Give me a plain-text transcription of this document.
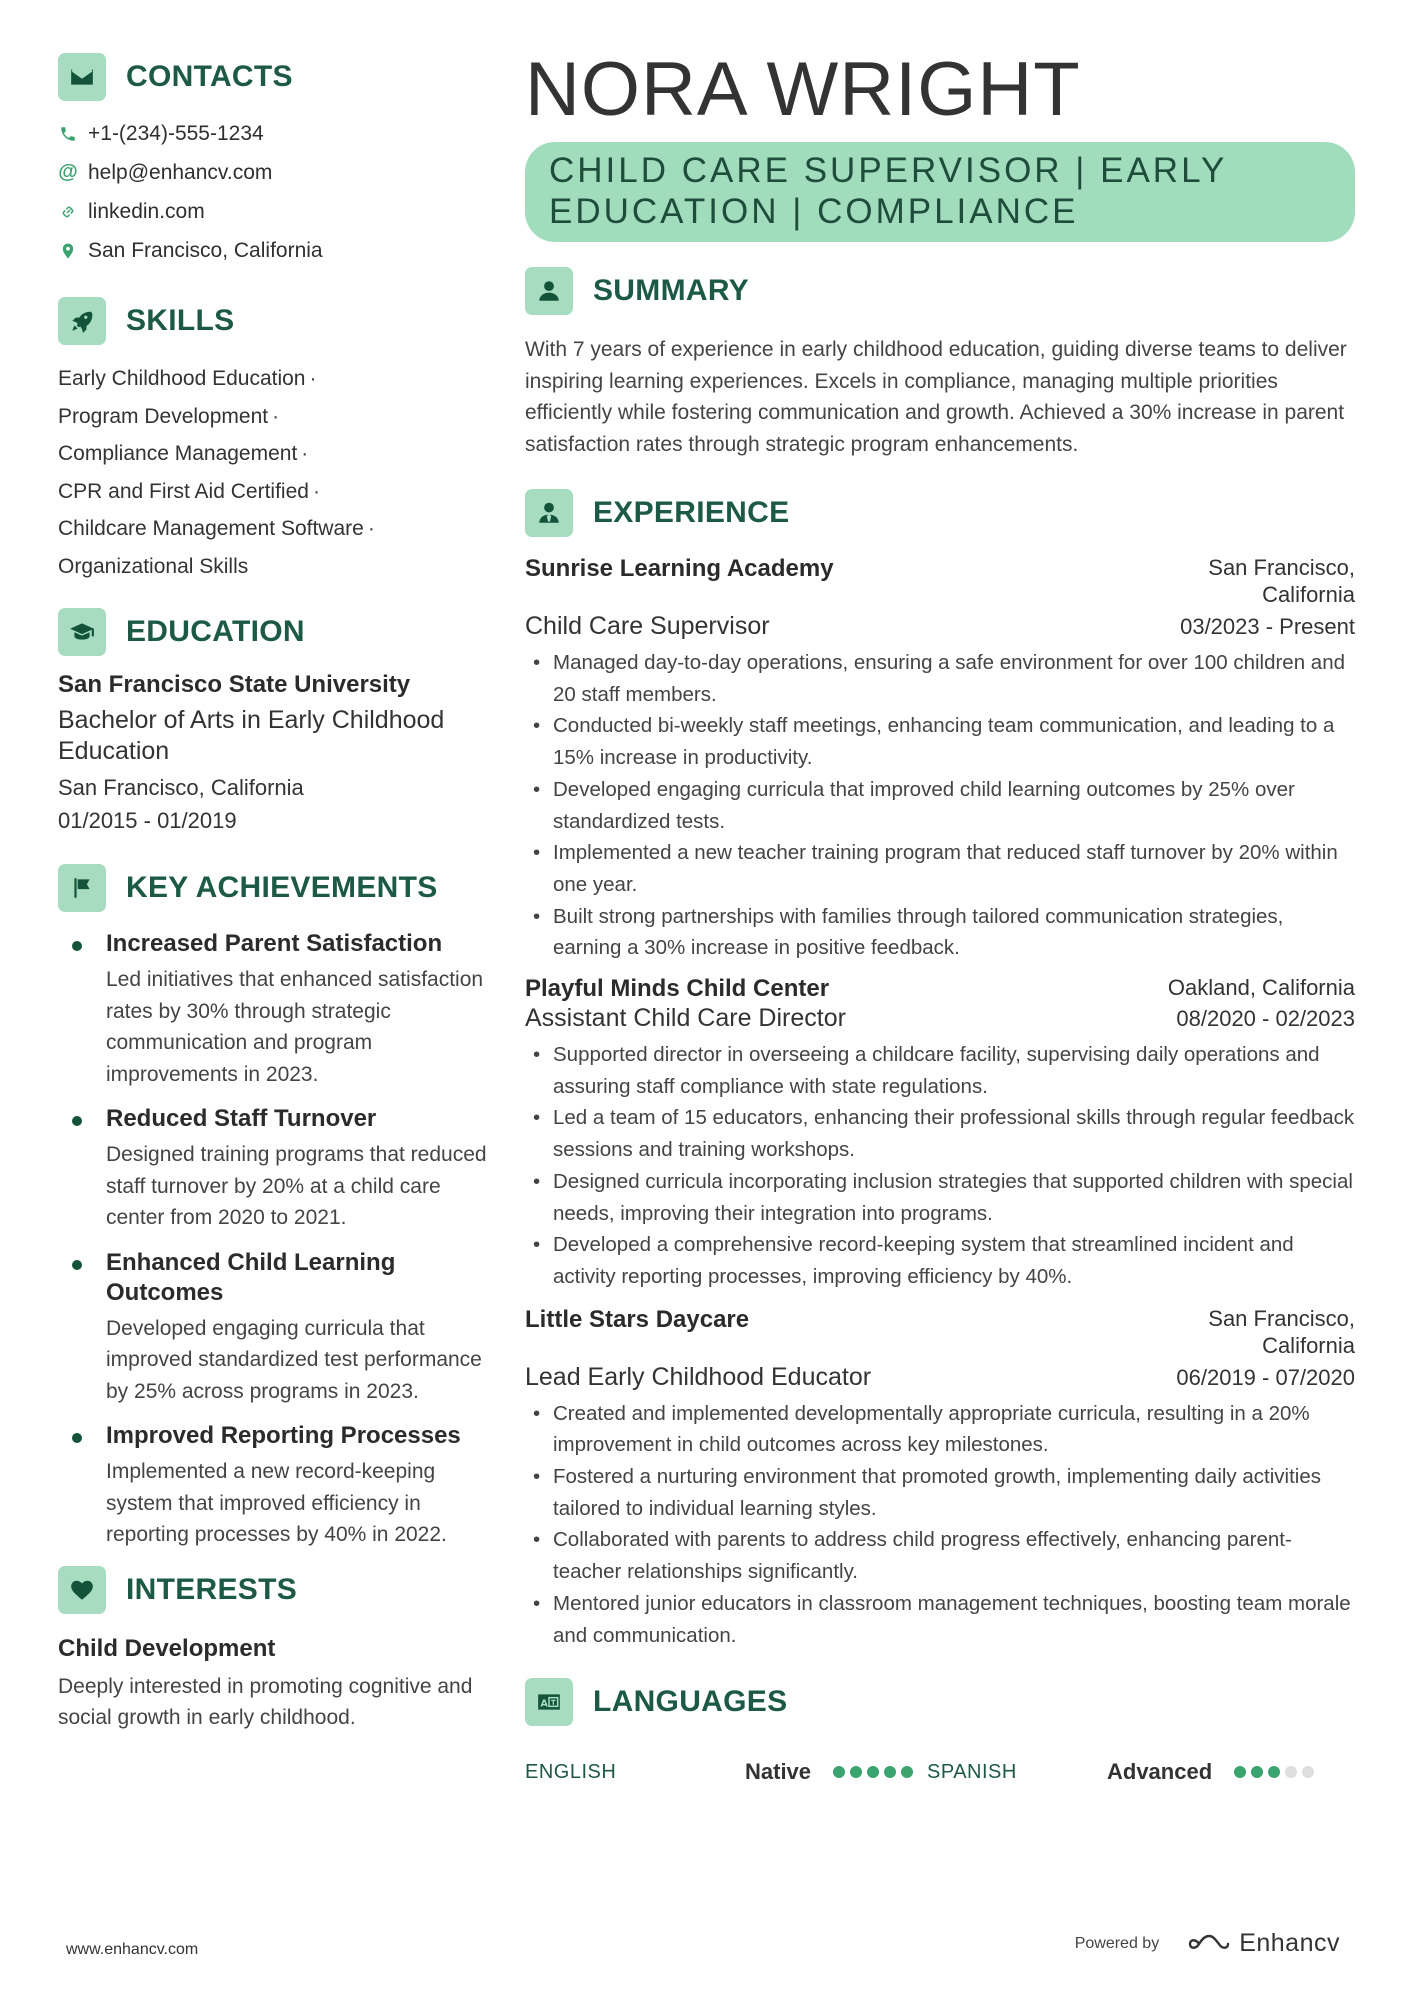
CONTACTS
+1-(234)-555-1234
@ help@enhancv.com
linkedin.com
San Francisco, California
SKILLS
Early Childhood Education ·
Program Development ·
Compliance Management ·
CPR and First Aid Certified ·
Childcare Management Software ·
Organizational Skills
EDUCATION
San Francisco State University
Bachelor of Arts in Early Childhood Education
San Francisco, California
01/2015 - 01/2019
KEY ACHIEVEMENTS
Increased Parent Satisfaction
Led initiatives that enhanced satisfaction rates by 30% through strategic communication and program improvements in 2023.
Reduced Staff Turnover
Designed training programs that reduced staff turnover by 20% at a child care center from 2020 to 2021.
Enhanced Child Learning Outcomes
Developed engaging curricula that improved standardized test performance by 25% across programs in 2023.
Improved Reporting Processes
Implemented a new record-keeping system that improved efficiency in reporting processes by 40% in 2022.
INTERESTS
Child Development
Deeply interested in promoting cognitive and social growth in early childhood.
NORA WRIGHT
CHILD CARE SUPERVISOR | EARLY EDUCATION | COMPLIANCE
SUMMARY
With 7 years of experience in early childhood education, guiding diverse teams to deliver inspiring learning experiences. Excels in compliance, managing multiple priorities efficiently while fostering communication and growth. Achieved a 30% increase in parent satisfaction rates through strategic program enhancements.
EXPERIENCE
Sunrise Learning Academy	San Francisco, California
Child Care Supervisor	03/2023 - Present
• Managed day-to-day operations, ensuring a safe environment for over 100 children and 20 staff members.
• Conducted bi-weekly staff meetings, enhancing team communication, and leading to a 15% increase in productivity.
• Developed engaging curricula that improved child learning outcomes by 25% over standardized tests.
• Implemented a new teacher training program that reduced staff turnover by 20% within one year.
• Built strong partnerships with families through tailored communication strategies, earning a 30% increase in positive feedback.
Playful Minds Child Center	Oakland, California
Assistant Child Care Director	08/2020 - 02/2023
• Supported director in overseeing a childcare facility, supervising daily operations and assuring staff compliance with state regulations.
• Led a team of 15 educators, enhancing their professional skills through regular feedback sessions and training workshops.
• Designed curricula incorporating inclusion strategies that supported children with special needs, improving their integration into programs.
• Developed a comprehensive record-keeping system that streamlined incident and activity reporting processes, improving efficiency by 40%.
Little Stars Daycare	San Francisco, California
Lead Early Childhood Educator	06/2019 - 07/2020
• Created and implemented developmentally appropriate curricula, resulting in a 20% improvement in child outcomes across key milestones.
• Fostered a nurturing environment that promoted growth, implementing daily activities tailored to individual learning styles.
• Collaborated with parents to address child progress effectively, enhancing parent-teacher relationships significantly.
• Mentored junior educators in classroom management techniques, boosting team morale and communication.
A LANGUAGES
ENGLISH	Native	SPANISH	Advanced
www.enhancv.com	Powered by	Enhancv
